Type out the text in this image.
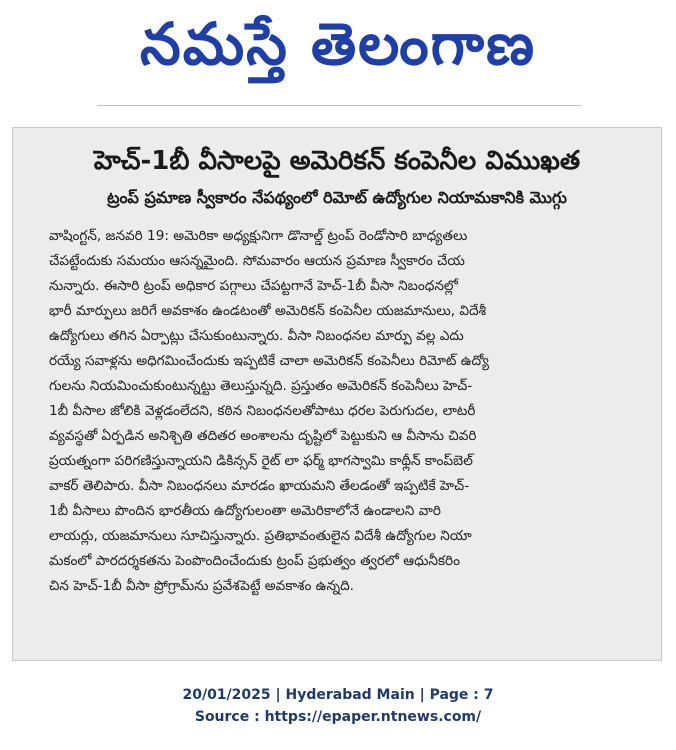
నమస్తే తెలంగాణ
హెచ్-1బీ వీసాలపై అమెరికన్ కంపెనీల విముఖత
ట్రంప్ ప్రమాణ స్వీకారం నేపథ్యంలో రిమోట్ ఉద్యోగుల నియామకానికి మొగ్గు
వాషింగ్టన్, జనవరి 19: అమెరికా అధ్యక్షునిగా డొనాల్డ్ ట్రంప్ రెండోసారి బాధ్యతలు
చేపట్టేందుకు సమయం ఆసన్నమైంది. సోమవారం ఆయన ప్రమాణ స్వీకారం చేయ
నున్నారు. ఈసారి ట్రంప్ అధికార పగ్గాలు చేపట్టగానే హెచ్-1బీ వీసా నిబంధనల్లో
భారీ మార్పులు జరిగే అవకాశం ఉండటంతో అమెరికన్ కంపెనీల యజమానులు, విదేశీ
ఉద్యోగులు తగిన ఏర్పాట్లు చేసుకుంటున్నారు. వీసా నిబంధనల మార్పు వల్ల ఎదు
రయ్యే సవాళ్లను అధిగమించేందుకు ఇప్పటికే చాలా అమెరికన్ కంపెనీలు రిమోట్ ఉద్యో
గులను నియమించుకుంటున్నట్టు తెలుస్తున్నది. ప్రస్తుతం అమెరికన్ కంపెనీలు హెచ్-
1బీ వీసాల జోలికి వెళ్లడంలేదని, కఠిన నిబంధనలతోపాటు ధరల పెరుగుదల, లాటరీ
వ్యవస్థతో ఏర్పడిన అనిశ్చితి తదితర అంశాలను దృష్టిలో పెట్టుకుని ఆ వీసాను చివరి
ప్రయత్నంగా పరిగణిస్తున్నాయని డికిన్సన్ రైట్ లా ఫర్మ్ భాగస్వామి కాథ్లీన్ కాంప్‌బెల్
వాకర్ తెలిపారు. వీసా నిబంధనలు మారడం ఖాయమని తేలడంతో ఇప్పటికే హెచ్-
1బీ వీసాలు పొందిన భారతీయ ఉద్యోగులంతా అమెరికాలోనే ఉండాలని వారి
లాయర్లు, యజమానులు సూచిస్తున్నారు. ప్రతిభావంతులైన విదేశీ ఉద్యోగుల నియా
మకంలో పారదర్శకతను పెంపొందించేందుకు ట్రంప్ ప్రభుత్వం త్వరలో ఆధునీకరిం
చిన హెచ్-1బీ వీసా ప్రోగ్రామ్‌ను ప్రవేశపెట్టే అవకాశం ఉన్నది.
20/01/2025 | Hyderabad Main | Page : 7
Source : https://epaper.ntnews.com/
